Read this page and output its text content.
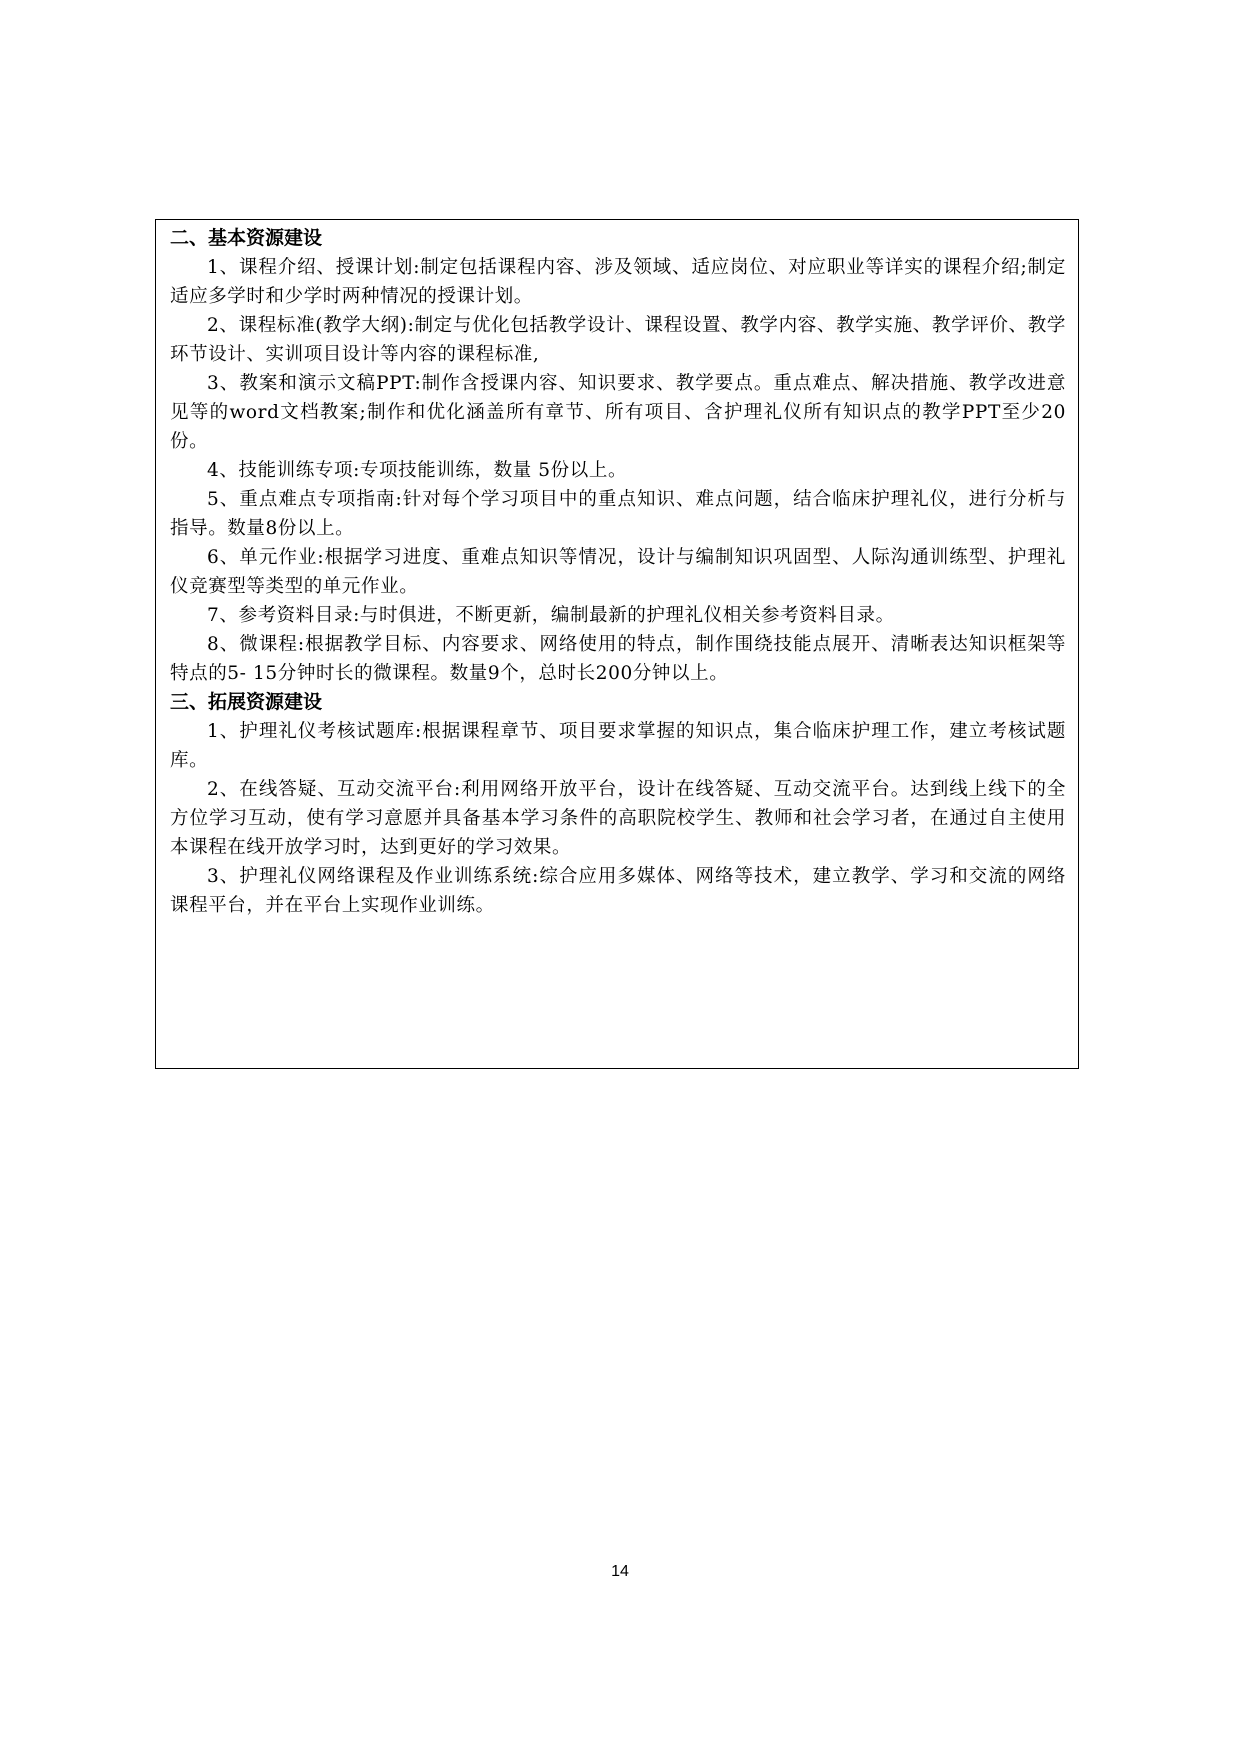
二、基本资源建设

1、课程介绍、授课计划:制定包括课程内容、涉及领域、适应岗位、对应职业等详实的课程介绍;制定适应多学时和少学时两种情况的授课计划。

2、课程标准(教学大纲):制定与优化包括教学设计、课程设置、教学内容、教学实施、教学评价、教学环节设计、实训项目设计等内容的课程标准,

3、教案和演示文稿PPT:制作含授课内容、知识要求、教学要点。重点难点、解决措施、教学改进意见等的word文档教案;制作和优化涵盖所有章节、所有项目、含护理礼仪所有知识点的教学PPT至少20份。

4、技能训练专项:专项技能训练，数量 5份以上。

5、重点难点专项指南:针对每个学习项目中的重点知识、难点问题，结合临床护理礼仪，进行分析与指导。数量8份以上。

6、单元作业:根据学习进度、重难点知识等情况，设计与编制知识巩固型、人际沟通训练型、护理礼仪竞赛型等类型的单元作业。

7、参考资料目录:与时俱进，不断更新，编制最新的护理礼仪相关参考资料目录。

8、微课程:根据教学目标、内容要求、网络使用的特点，制作围绕技能点展开、清晰表达知识框架等特点的5- 15分钟时长的微课程。数量9个，总时长200分钟以上。

三、拓展资源建设

1、护理礼仪考核试题库:根据课程章节、项目要求掌握的知识点，集合临床护理工作，建立考核试题库。

2、在线答疑、互动交流平台:利用网络开放平台，设计在线答疑、互动交流平台。达到线上线下的全方位学习互动，使有学习意愿并具备基本学习条件的高职院校学生、教师和社会学习者，在通过自主使用本课程在线开放学习时，达到更好的学习效果。

3、护理礼仪网络课程及作业训练系统:综合应用多媒体、网络等技术，建立教学、学习和交流的网络课程平台，并在平台上实现作业训练。

14
